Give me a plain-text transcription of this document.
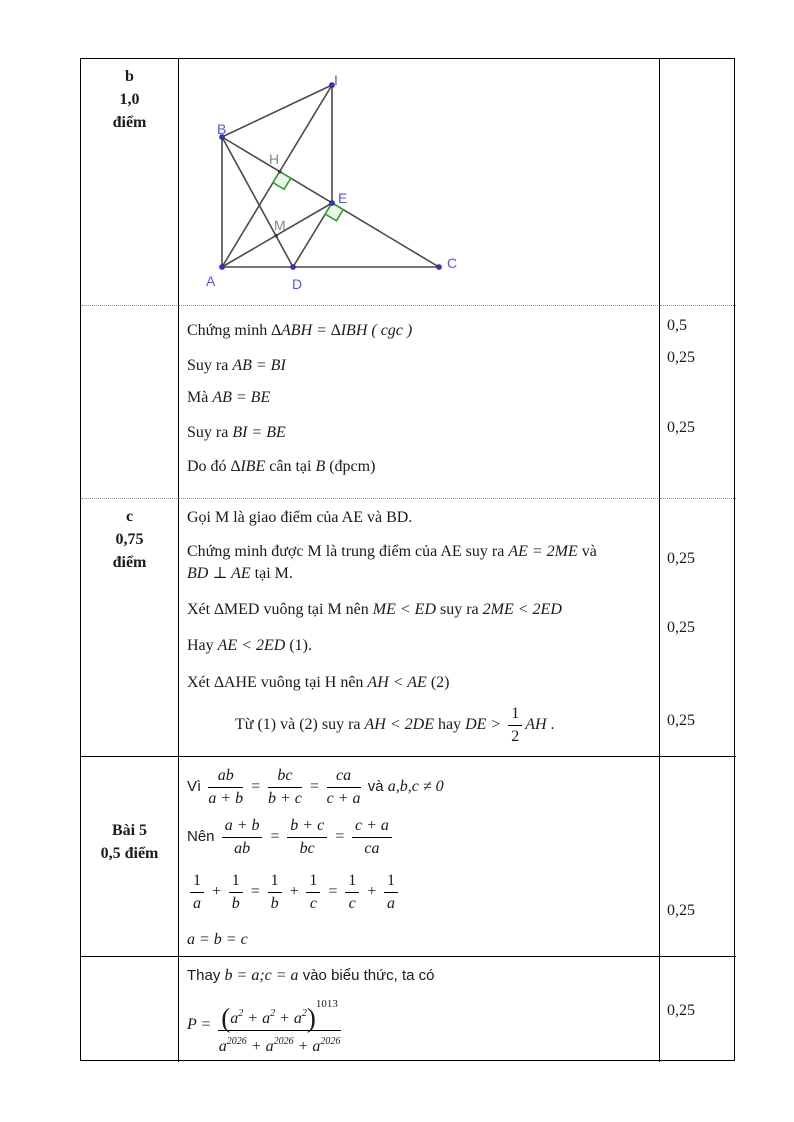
b
1,0
điểm
A
B
C
D
E
I
H
M
Chứng minh ∆ABH = ∆IBH ( cgc )
Suy ra AB = BI
Mà AB = BE
Suy ra BI = BE
Do đó ∆IBE cân tại B (đpcm)
0,5
0,25
0,25
c
0,75
điểm
Gọi M là giao điểm của AE và BD.
Chứng minh được M là trung điểm của AE suy ra AE = 2ME và
BD ⊥ AE tại M.
Xét ∆MED vuông tại M nên ME < ED suy ra 2ME < 2ED
Hay AE < 2ED (1).
Xét ∆AHE vuông tại H nên AH < AE (2)
Từ (1) và (2) suy ra AH < 2DE hay DE > $\frac{1}{2}$ AH .
0,25
0,25
0,25
Bài 5
0,5 điểm
Vì $\frac{ab}{a + b} = \frac{bc}{b + c} = \frac{ca}{c + a}$ và a,b,c ≠ 0
Nên $\frac{a + b}{ab} = \frac{b + c}{bc} = \frac{c + a}{ca}$
$\frac{1}{a} + \frac{1}{b} = \frac{1}{b} + \frac{1}{c} = \frac{1}{c} + \frac{1}{a}$
a = b = c
0,25
Thay b = a;c = a vào biểu thức, ta có
$P = \frac{(a^2 + a^2 + a^2)^{1013}}{a^{2026} + a^{2026} + a^{2026}}$	0,25
